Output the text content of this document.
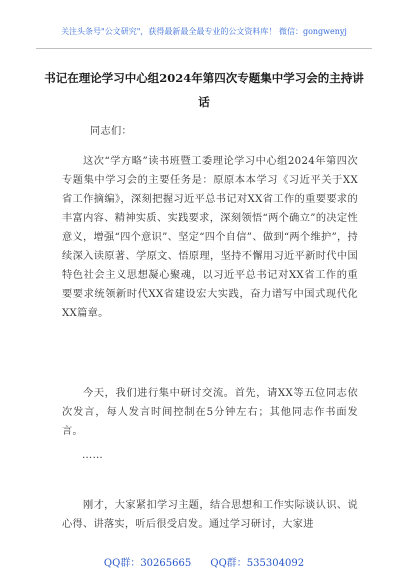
关注头条号"公文研究"，获得最新最全最专业的公文资料库！ 微信：gongwenyj
书记在理论学习中心组2024年第四次专题集中学习会的主持讲话
同志们：
这次“学方略”读书班暨工委理论学习中心组2024年第四次专题集中学习会的主要任务是：原原本本学习《习近平关于XX省工作摘编》，深刻把握习近平总书记对XX省工作的重要要求的丰富内容、精神实质、实践要求，深刻领悟“两个确立”的决定性意义，增强“四个意识”、坚定“四个自信”、做到“两个维护”，持续深入读原著、学原文、悟原理，坚持不懈用习近平新时代中国特色社会主义思想凝心聚魂，以习近平总书记对XX省工作的重要要求统领新时代XX省建设宏大实践，奋力谱写中国式现代化XX篇章。
今天，我们进行集中研讨交流。首先，请XX等五位同志依次发言，每人发言时间控制在5分钟左右；其他同志作书面发言。
……
刚才，大家紧扣学习主题，结合思想和工作实际谈认识、说心得、讲落实，听后很受启发。通过学习研讨，大家进
QQ群：30265665 QQ群：535304092
